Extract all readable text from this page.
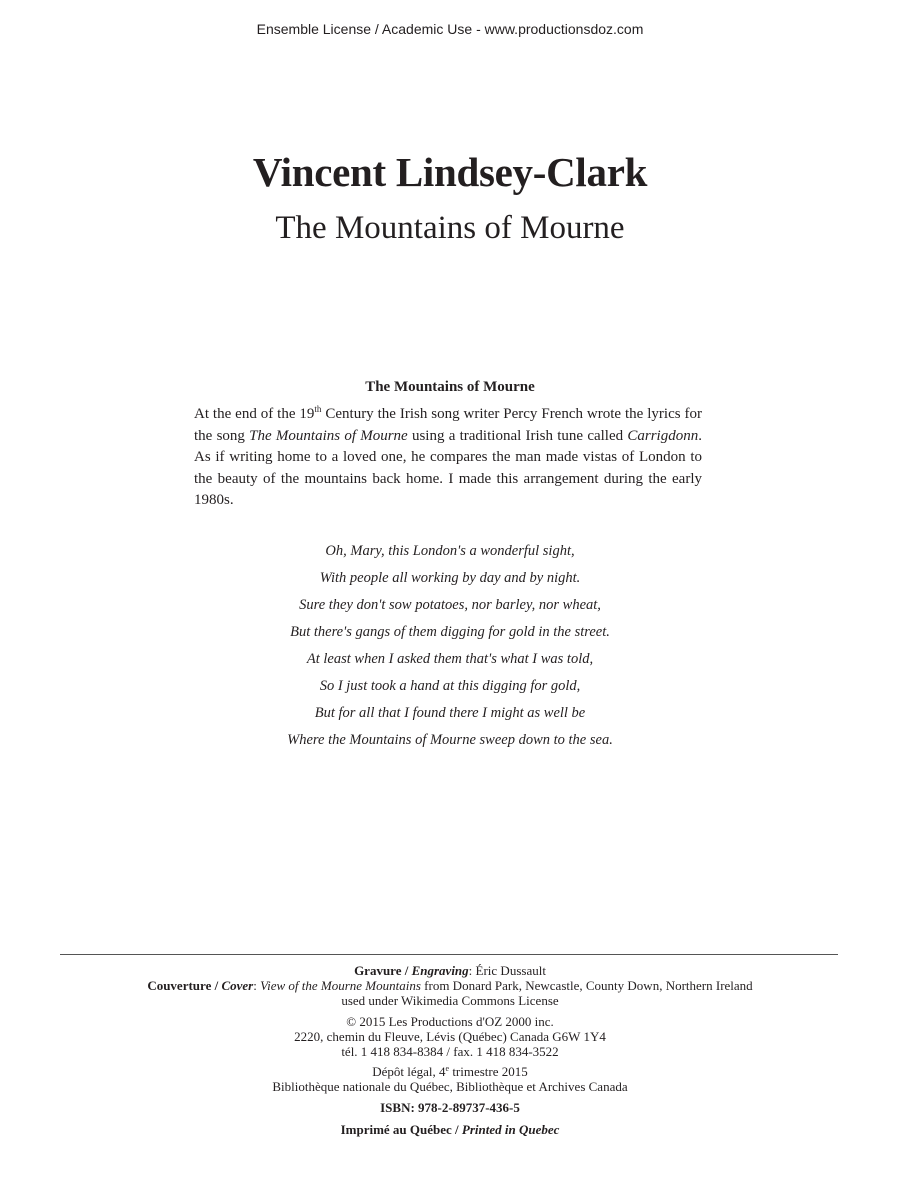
Ensemble License / Academic Use - www.productionsdoz.com
Vincent Lindsey-Clark
The Mountains of Mourne
The Mountains of Mourne
At the end of the 19th Century the Irish song writer Percy French wrote the lyrics for the song The Mountains of Mourne using a traditional Irish tune called Carrigdonn. As if writing home to a loved one, he compares the man made vistas of London to the beauty of the mountains back home. I made this arrangement during the early 1980s.
Oh, Mary, this London's a wonderful sight,
With people all working by day and by night.
Sure they don't sow potatoes, nor barley, nor wheat,
But there's gangs of them digging for gold in the street.
At least when I asked them that's what I was told,
So I just took a hand at this digging for gold,
But for all that I found there I might as well be
Where the Mountains of Mourne sweep down to the sea.
Gravure / Engraving: Éric Dussault
Couverture / Cover: View of the Mourne Mountains from Donard Park, Newcastle, County Down, Northern Ireland
used under Wikimedia Commons License
© 2015 Les Productions d'OZ 2000 inc.
2220, chemin du Fleuve, Lévis (Québec) Canada G6W 1Y4
tél. 1 418 834-8384 / fax. 1 418 834-3522
Dépôt légal, 4e trimestre 2015
Bibliothèque nationale du Québec, Bibliothèque et Archives Canada
ISBN: 978-2-89737-436-5
Imprimé au Québec / Printed in Quebec
